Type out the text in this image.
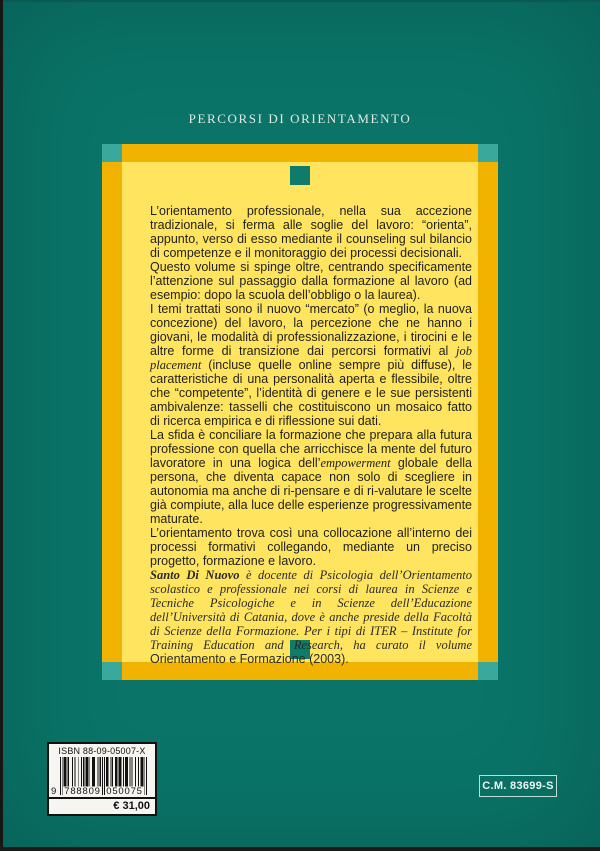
PERCORSI DI ORIENTAMENTO

L’orientamento professionale, nella sua accezione tradizionale, si ferma alle soglie del lavoro: “orienta”, appunto, verso di esso mediante il counseling sul bilancio di competenze e il monitoraggio dei processi decisionali.

Questo volume si spinge oltre, centrando specificamente l’attenzione sul passaggio dalla formazione al lavoro (ad esempio: dopo la scuola dell’obbligo o la laurea).

I temi trattati sono il nuovo “mercato” (o meglio, la nuova concezione) del lavoro, la percezione che ne hanno i giovani, le modalità di professionalizzazione, i tirocini e le altre forme di transizione dai percorsi formativi al job placement (incluse quelle online sempre più diffuse), le caratteristiche di una personalità aperta e flessibile, oltre che “competente”, l’identità di genere e le sue persistenti ambivalenze: tasselli che costituiscono un mosaico fatto di ricerca empirica e di riflessione sui dati.

La sfida è conciliare la formazione che prepara alla futura professione con quella che arricchisce la mente del futuro lavoratore in una logica dell’empowerment globale della persona, che diventa capace non solo di scegliere in autonomia ma anche di ri-pensare e di ri-valutare le scelte già compiute, alla luce delle esperienze progressivamente maturate.

L’orientamento trova così una collocazione all’interno dei processi formativi collegando, mediante un preciso progetto, formazione e lavoro.

Santo Di Nuovo è docente di Psicologia dell’Orientamento scolastico e professionale nei corsi di laurea in Scienze e Tecniche Psicologiche e in Scienze dell’Educazione dell’Università di Catania, dove è anche preside della Facoltà di Scienze della Formazione. Per i tipi di ITER – Institute for Training Education and Research, ha curato il volume Orientamento e Formazione (2003).

ISBN 88-09-05007-X
9 788809 050075
€ 31,00
C.M. 83699-S
